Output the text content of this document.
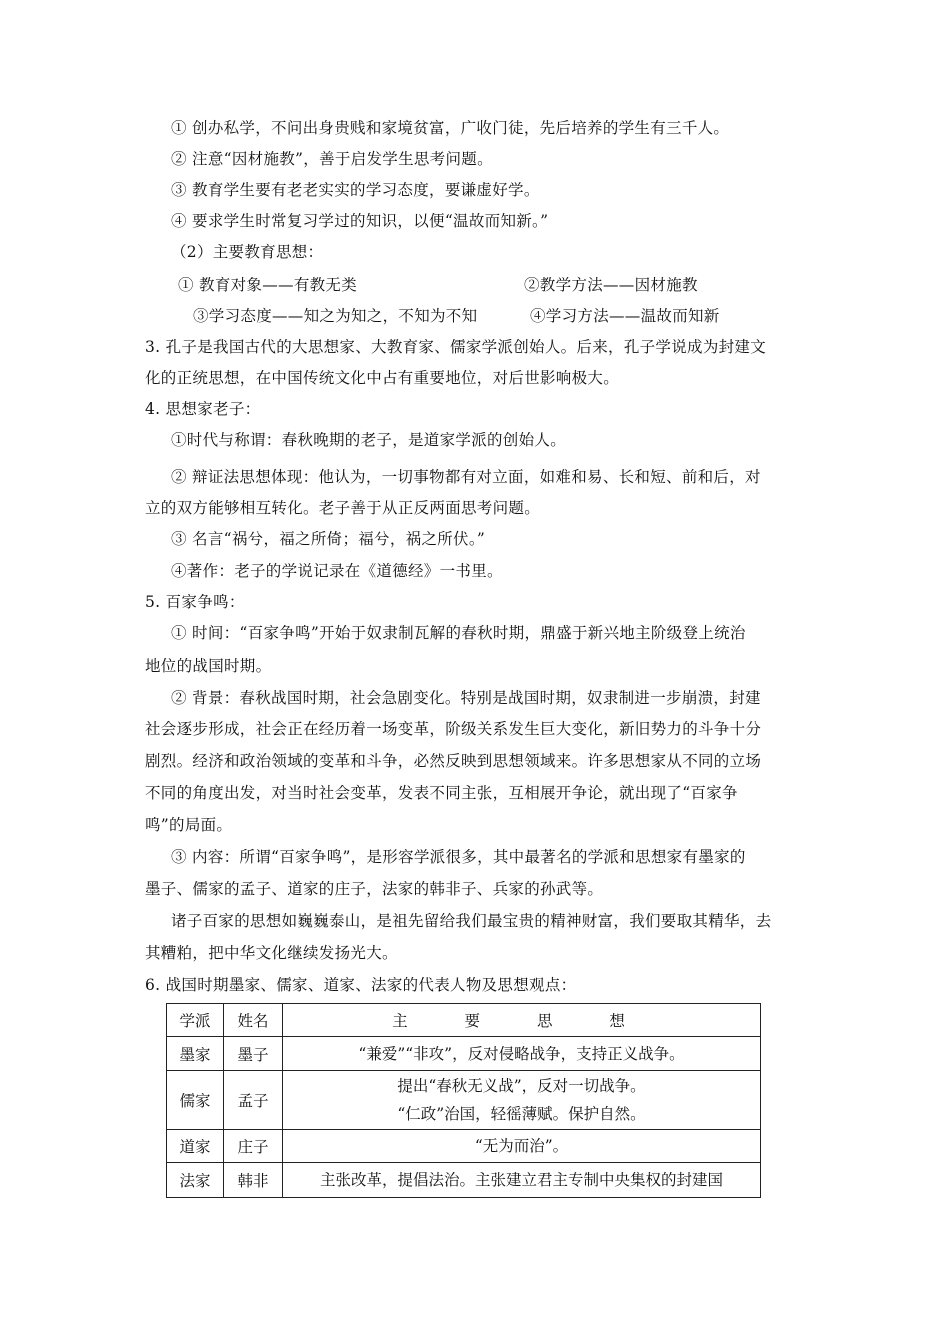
① 创办私学，不问出身贵贱和家境贫富，广收门徒，先后培养的学生有三千人。
② 注意“因材施教”，善于启发学生思考问题。
③ 教育学生要有老老实实的学习态度，要谦虚好学。
④ 要求学生时常复习学过的知识，以便“温故而知新。”
（2）主要教育思想：
① 教育对象——有教无类	②教学方法——因材施教
③学习态度——知之为知之，不知为不知	④学习方法——温故而知新
3. 孔子是我国古代的大思想家、大教育家、儒家学派创始人。后来，孔子学说成为封建文
化的正统思想，在中国传统文化中占有重要地位，对后世影响极大。
4. 思想家老子：
①时代与称谓：春秋晚期的老子，是道家学派的创始人。
② 辩证法思想体现：他认为，一切事物都有对立面，如难和易、长和短、前和后，对
立的双方能够相互转化。老子善于从正反两面思考问题。
③ 名言“祸兮，福之所倚；福兮，祸之所伏。”
④著作：老子的学说记录在《道德经》一书里。
5. 百家争鸣：
① 时间：“百家争鸣”开始于奴隶制瓦解的春秋时期，鼎盛于新兴地主阶级登上统治
地位的战国时期。
② 背景：春秋战国时期，社会急剧变化。特别是战国时期，奴隶制进一步崩溃，封建
社会逐步形成，社会正在经历着一场变革，阶级关系发生巨大变化，新旧势力的斗争十分
剧烈。经济和政治领域的变革和斗争，必然反映到思想领域来。许多思想家从不同的立场
不同的角度出发，对当时社会变革，发表不同主张，互相展开争论，就出现了“百家争
鸣”的局面。
③ 内容：所谓“百家争鸣”，是形容学派很多，其中最著名的学派和思想家有墨家的
墨子、儒家的孟子、道家的庄子，法家的韩非子、兵家的孙武等。
诸子百家的思想如巍巍泰山，是祖先留给我们最宝贵的精神财富，我们要取其精华，去
其糟粕，把中华文化继续发扬光大。
6. 战国时期墨家、儒家、道家、法家的代表人物及思想观点：
学派	姓名	主 要 思 想
墨家	墨子	“兼爱”“非攻”，反对侵略战争，支持正义战争。

儒家	孟子	提出“春秋无义战”，反对一切战争。
“仁政”治国，轻徭薄赋。保护自然。

道家	庄子	“无为而治”。

法家	韩非	主张改革，提倡法治。主张建立君主专制中央集权的封建国
